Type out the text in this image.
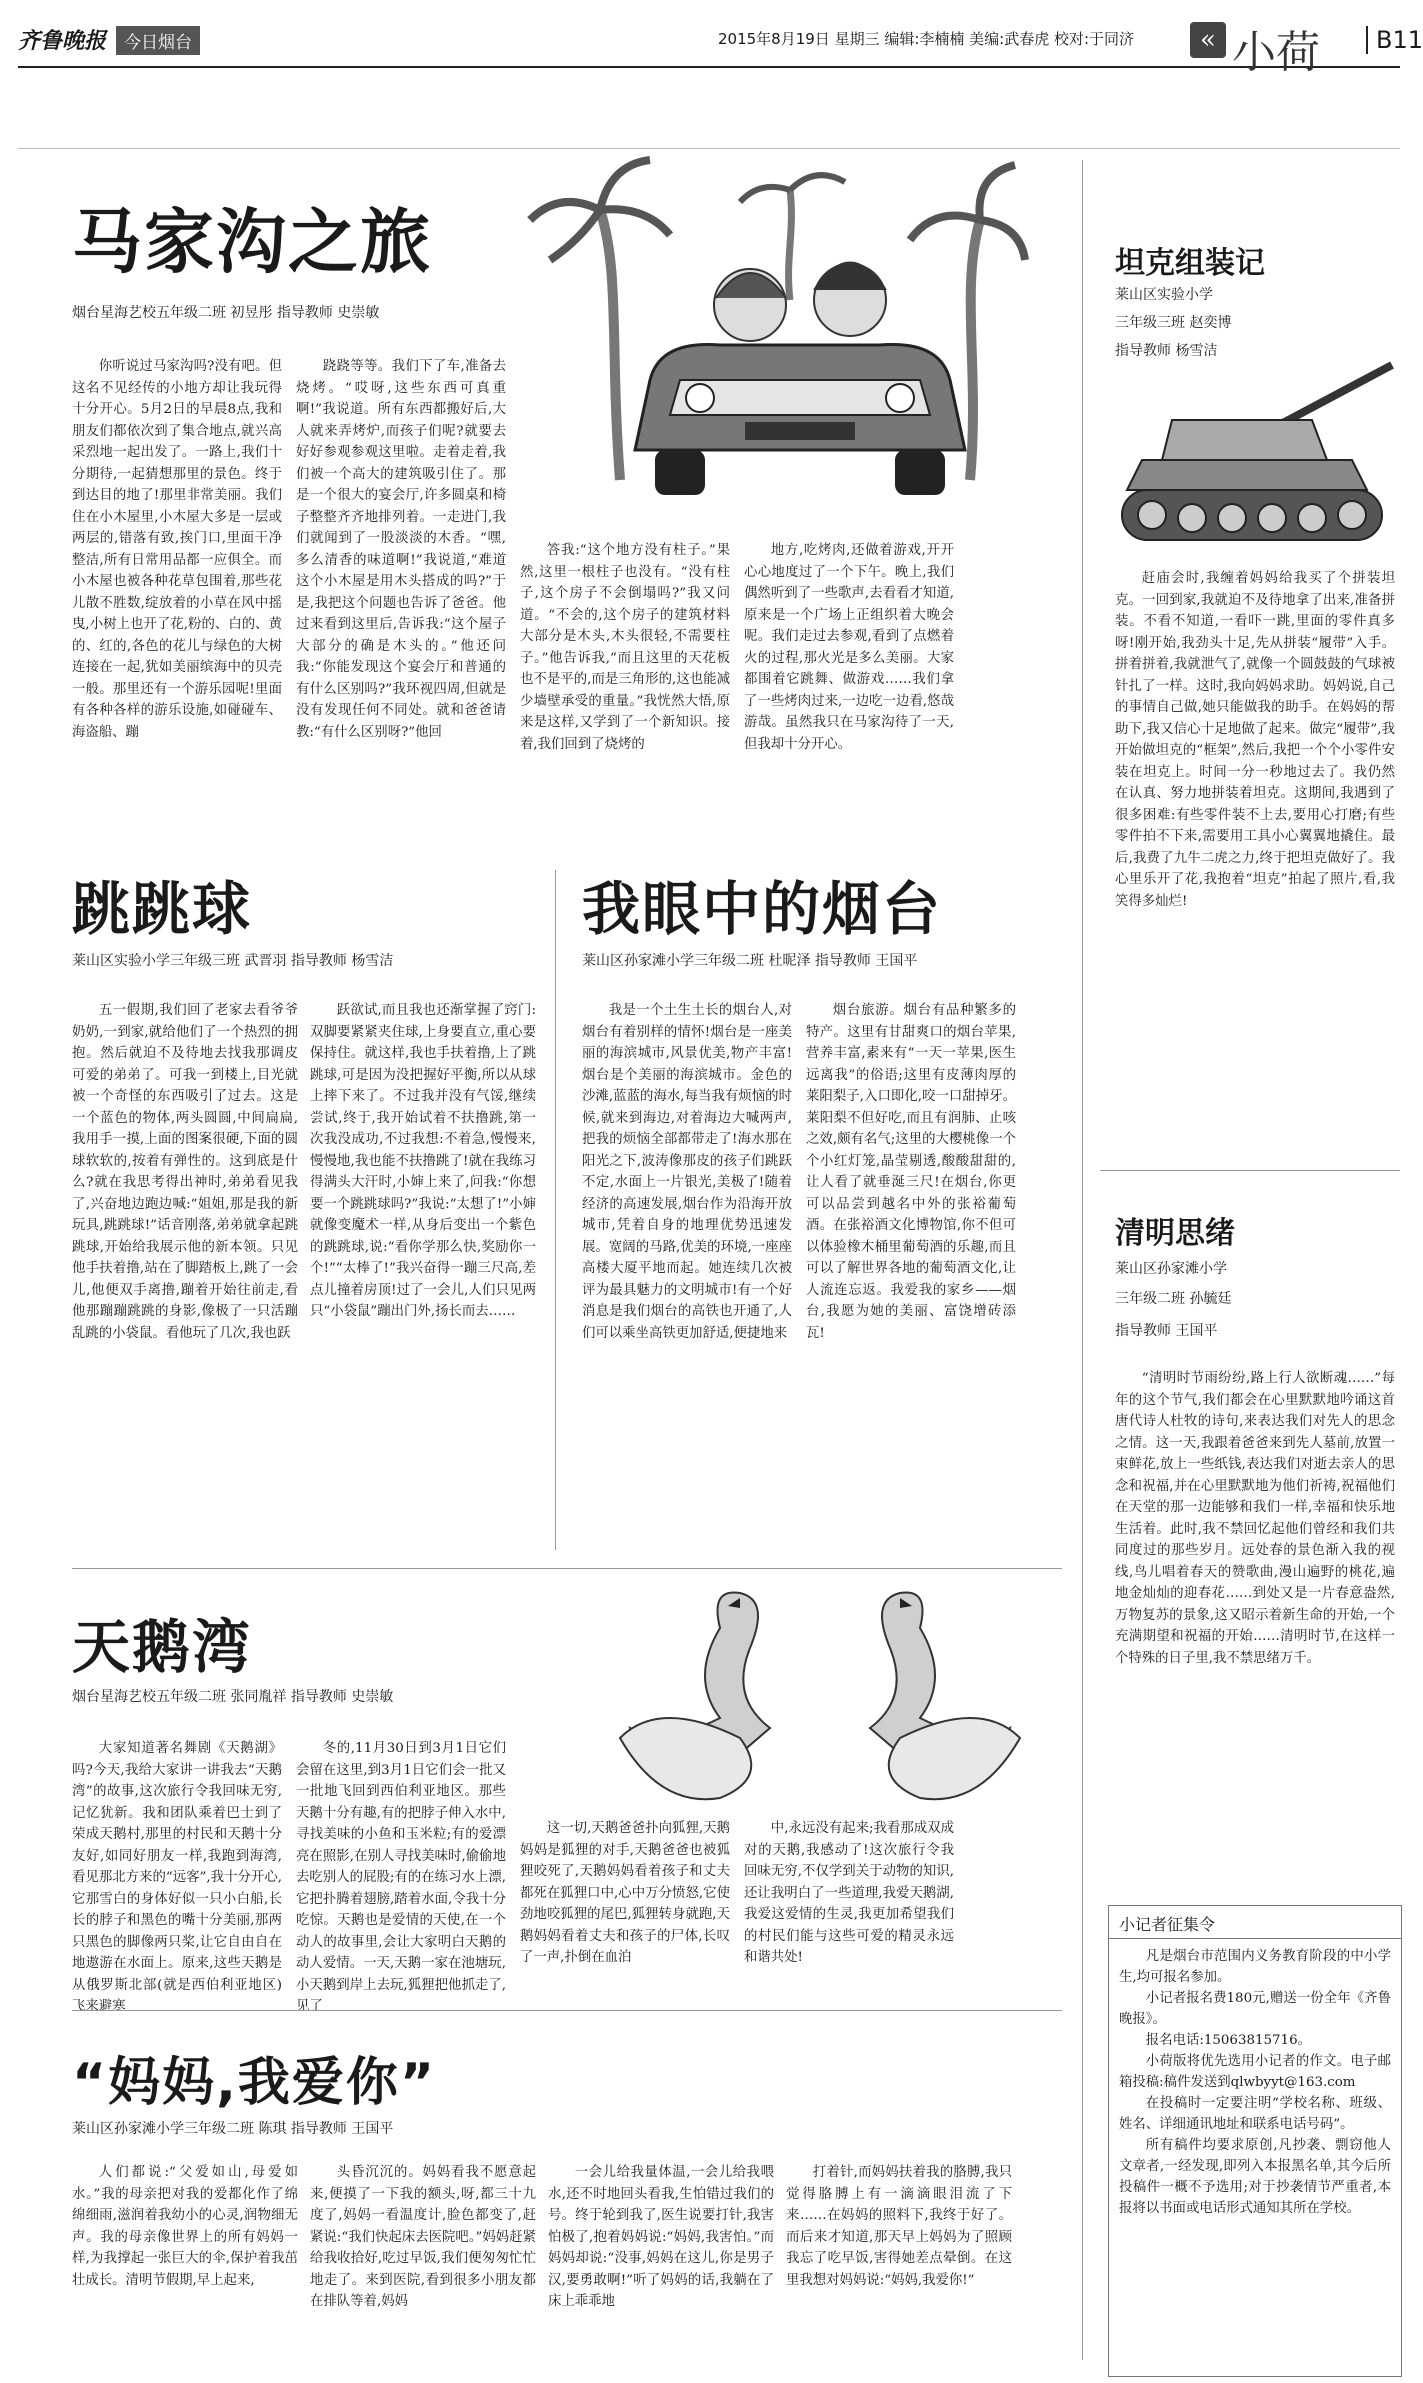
齐鲁晚报	今日烟台	2015年8月19日 星期三 编辑:李楠楠 美编:武春虎 校对:于同济	« 小荷	B11
马家沟之旅
烟台星海艺校五年级二班 初昱彤 指导教师 史崇敏
你听说过马家沟吗?没有吧。但这名不见经传的小地方却让我玩得十分开心。5月2日的早晨8点,我和朋友们都依次到了集合地点,就兴高采烈地一起出发了。一路上,我们十分期待,一起猜想那里的景色。终于到达目的地了!那里非常美丽。我们住在小木屋里,小木屋大多是一层或两层的,错落有致,挨门口,里面干净整洁,所有日常用品都一应俱全。而小木屋也被各种花草包围着,那些花儿散不胜数,绽放着的小草在风中摇曳,小树上也开了花,粉的、白的、黄的、红的,各色的花儿与绿色的大树连接在一起,犹如美丽缤海中的贝壳一般。那里还有一个游乐园呢!里面有各种各样的游乐设施,如碰碰车、海盗船、蹦
跷跷等等。我们下了车,准备去烧烤。“哎呀,这些东西可真重啊!”我说道。所有东西都搬好后,大人就来弄烤炉,而孩子们呢?就要去好好参观参观这里啦。走着走着,我们被一个高大的建筑吸引住了。那是一个很大的宴会厅,许多圆桌和椅子整整齐齐地排列着。一走进门,我们就闻到了一股淡淡的木香。“嘿,多么清香的味道啊!”我说道,“难道这个小木屋是用木头搭成的吗?”于是,我把这个问题也告诉了爸爸。他过来看到这里后,告诉我:“这个屋子大部分的确是木头的。”他还问我:“你能发现这个宴会厅和普通的有什么区别吗?”我环视四周,但就是没有发现任何不同处。就和爸爸请教:“有什么区别呀?”他回
答我:“这个地方没有柱子。”果然,这里一根柱子也没有。“没有柱子,这个房子不会倒塌吗?”我又问道。“不会的,这个房子的建筑材料大部分是木头,木头很轻,不需要柱子。”他告诉我,“而且这里的天花板也不是平的,而是三角形的,这也能减少墙壁承受的重量。”我恍然大悟,原来是这样,又学到了一个新知识。接着,我们回到了烧烤的
地方,吃烤肉,还做着游戏,开开心心地度过了一个下午。晚上,我们偶然听到了一些歌声,去看看才知道,原来是一个广场上正组织着大晚会呢。我们走过去参观,看到了点燃着火的过程,那火光是多么美丽。大家都围着它跳舞、做游戏……我们拿了一些烤肉过来,一边吃一边看,悠哉游哉。虽然我只在马家沟待了一天,但我却十分开心。
跳跳球
莱山区实验小学三年级三班 武晋羽 指导教师 杨雪洁
五一假期,我们回了老家去看爷爷奶奶,一到家,就给他们了一个热烈的拥抱。然后就迫不及待地去找我那调皮可爱的弟弟了。可我一到楼上,目光就被一个奇怪的东西吸引了过去。这是一个蓝色的物体,两头圆圆,中间扁扁,我用手一摸,上面的图案很硬,下面的圆球软软的,按着有弹性的。这到底是什么?就在我思考得出神时,弟弟看见我了,兴奋地边跑边喊:“姐姐,那是我的新玩具,跳跳球!”话音刚落,弟弟就拿起跳跳球,开始给我展示他的新本领。只见他手扶着撸,站在了脚踏板上,跳了一会儿,他便双手离撸,蹦着开始往前走,看他那蹦蹦跳跳的身影,像极了一只活蹦乱跳的小袋鼠。看他玩了几次,我也跃
跃欲试,而且我也还渐掌握了窍门:双脚要紧紧夹住球,上身要直立,重心要保持住。就这样,我也手扶着撸,上了跳跳球,可是因为没把握好平衡,所以从球上摔下来了。不过我并没有气馁,继续尝试,终于,我开始试着不扶撸跳,第一次我没成功,不过我想:不着急,慢慢来,慢慢地,我也能不扶撸跳了!就在我练习得满头大汗时,小婶上来了,问我:“你想要一个跳跳球吗?”我说:“太想了!”小婶就像变魔术一样,从身后变出一个紫色的跳跳球,说:“看你学那么快,奖励你一个!”“太棒了!”我兴奋得一蹦三尺高,差点儿撞着房顶!过了一会儿,人们只见两只“小袋鼠”蹦出门外,扬长而去……
我眼中的烟台
莱山区孙家滩小学三年级二班 杜昵泽 指导教师 王国平
我是一个土生土长的烟台人,对烟台有着别样的情怀!烟台是一座美丽的海滨城市,风景优美,物产丰富!烟台是个美丽的海滨城市。金色的沙滩,蓝蓝的海水,每当我有烦恼的时候,就来到海边,对着海边大喊两声,把我的烦恼全部都带走了!海水那在阳光之下,波涛像那皮的孩子们跳跃不定,水面上一片银光,美极了!随着经济的高速发展,烟台作为沿海开放城市,凭着自身的地理优势迅速发展。宽阔的马路,优美的环境,一座座高楼大厦平地而起。她连续几次被评为最具魅力的文明城市!有一个好消息是我们烟台的高铁也开通了,人们可以乘坐高铁更加舒适,便捷地来
烟台旅游。烟台有品种繁多的特产。这里有甘甜爽口的烟台苹果,营养丰富,素来有“一天一苹果,医生远离我”的俗语;这里有皮薄肉厚的莱阳梨子,入口即化,咬一口甜掉牙。莱阳梨不但好吃,而且有润肺、止咳之效,颇有名气;这里的大樱桃像一个个小红灯笼,晶莹剔透,酸酸甜甜的,让人看了就垂涎三尺!在烟台,你更可以品尝到越名中外的张裕葡萄酒。在张裕酒文化博物馆,你不但可以体验橡木桶里葡萄酒的乐趣,而且可以了解世界各地的葡萄酒文化,让人流连忘返。我爱我的家乡——烟台,我愿为她的美丽、富饶增砖添瓦!
天鹅湾
烟台星海艺校五年级二班 张同胤祥 指导教师 史崇敏
大家知道著名舞剧《天鹅湖》吗?今天,我给大家讲一讲我去“天鹅湾”的故事,这次旅行令我回味无穷,记忆犹新。我和团队乘着巴士到了荣成天鹅村,那里的村民和天鹅十分友好,如同好朋友一样,我跑到海湾,看见那北方来的“远客”,我十分开心,它那雪白的身体好似一只小白船,长长的脖子和黑色的嘴十分美丽,那两只黑色的脚像两只桨,让它自由自在地遨游在水面上。原来,这些天鹅是从俄罗斯北部(就是西伯利亚地区)飞来避寒
冬的,11月30日到3月1日它们会留在这里,到3月1日它们会一批又一批地飞回到西伯利亚地区。那些天鹅十分有趣,有的把脖子伸入水中,寻找美味的小鱼和玉米粒;有的爱漂亮在照影,在别人寻找美味时,偷偷地去吃别人的屁股;有的在练习水上漂,它把扑腾着翅膀,踏着水面,令我十分吃惊。天鹅也是爱情的天使,在一个动人的故事里,会让大家明白天鹅的动人爱情。一天,天鹅一家在池塘玩,小天鹅到岸上去玩,狐狸把他抓走了,见了
这一切,天鹅爸爸扑向狐狸,天鹅妈妈是狐狸的对手,天鹅爸爸也被狐狸咬死了,天鹅妈妈看着孩子和丈夫都死在狐狸口中,心中万分愤怒,它使劲地咬狐狸的尾巴,狐狸转身就跑,天鹅妈妈看着丈夫和孩子的尸体,长叹了一声,扑倒在血泊
中,永远没有起来;我看那成双成对的天鹅,我感动了!这次旅行令我回味无穷,不仅学到关于动物的知识,还让我明白了一些道理,我爱天鹅湖,我爱这爱情的生灵,我更加希望我们的村民们能与这些可爱的精灵永远和谐共处!
“妈妈,我爱你”
莱山区孙家滩小学三年级二班 陈琪 指导教师 王国平
人们都说:“父爱如山,母爱如水。”我的母亲把对我的爱都化作了绵绵细雨,滋润着我幼小的心灵,润物细无声。我的母亲像世界上的所有妈妈一样,为我撑起一张巨大的伞,保护着我茁壮成长。清明节假期,早上起来,
头昏沉沉的。妈妈看我不愿意起来,便摸了一下我的额头,呀,都三十九度了,妈妈一看温度计,脸色都变了,赶紧说:“我们快起床去医院吧。”妈妈赶紧给我收拾好,吃过早饭,我们便匆匆忙忙地走了。来到医院,看到很多小朋友都在排队等着,妈妈
一会儿给我量体温,一会儿给我喂水,还不时地回头看我,生怕错过我们的号。终于轮到我了,医生说要打针,我害怕极了,抱着妈妈说:“妈妈,我害怕。”而妈妈却说:“没事,妈妈在这儿,你是男子汉,要勇敢啊!”听了妈妈的话,我躺在了床上乖乖地
打着针,而妈妈扶着我的胳膊,我只觉得胳膊上有一滴滴眼泪流了下来……在妈妈的照料下,我终于好了。而后来才知道,那天早上妈妈为了照顾我忘了吃早饭,害得她差点晕倒。在这里我想对妈妈说:“妈妈,我爱你!”
坦克组装记
莱山区实验小学
三年级三班 赵奕博
指导教师 杨雪洁
赶庙会时,我缠着妈妈给我买了个拼装坦克。一回到家,我就迫不及待地拿了出来,准备拼装。不看不知道,一看吓一跳,里面的零件真多呀!刚开始,我劲头十足,先从拼装“履带”入手。拼着拼着,我就泄气了,就像一个圆鼓鼓的气球被针扎了一样。这时,我向妈妈求助。妈妈说,自己的事情自己做,她只能做我的助手。在妈妈的帮助下,我又信心十足地做了起来。做完“履带”,我开始做坦克的“框架”,然后,我把一个个小零件安装在坦克上。时间一分一秒地过去了。我仍然在认真、努力地拼装着坦克。这期间,我遇到了很多困难:有些零件装不上去,要用心打磨;有些零件拍不下来,需要用工具小心翼翼地撬住。最后,我费了九牛二虎之力,终于把坦克做好了。我心里乐开了花,我抱着“坦克”拍起了照片,看,我笑得多灿烂!
清明思绪
莱山区孙家滩小学
三年级二班 孙毓廷
指导教师 王国平
“清明时节雨纷纷,路上行人欲断魂……”每年的这个节气,我们都会在心里默默地吟诵这首唐代诗人杜牧的诗句,来表达我们对先人的思念之情。这一天,我跟着爸爸来到先人墓前,放置一束鲜花,放上一些纸钱,表达我们对逝去亲人的思念和祝福,并在心里默默地为他们祈祷,祝福他们在天堂的那一边能够和我们一样,幸福和快乐地生活着。此时,我不禁回忆起他们曾经和我们共同度过的那些岁月。远处春的景色渐入我的视线,鸟儿唱着春天的赞歌曲,漫山遍野的桃花,遍地金灿灿的迎春花……到处又是一片春意盎然,万物复苏的景象,这又昭示着新生命的开始,一个充满期望和祝福的开始……清明时节,在这样一个特殊的日子里,我不禁思绪万千。
小记者征集令

凡是烟台市范围内义务教育阶段的中小学生,均可报名参加。

小记者报名费180元,赠送一份全年《齐鲁晚报》。

报名电话:15063815716。

小荷版将优先选用小记者的作文。电子邮箱投稿:稿件发送到qlwbyyt@163.com

在投稿时一定要注明“学校名称、班级、姓名、详细通讯地址和联系电话号码”。

所有稿件均要求原创,凡抄袭、剽窃他人文章者,一经发现,即列入本报黑名单,其今后所投稿件一概不予选用;对于抄袭情节严重者,本报将以书面或电话形式通知其所在学校。
